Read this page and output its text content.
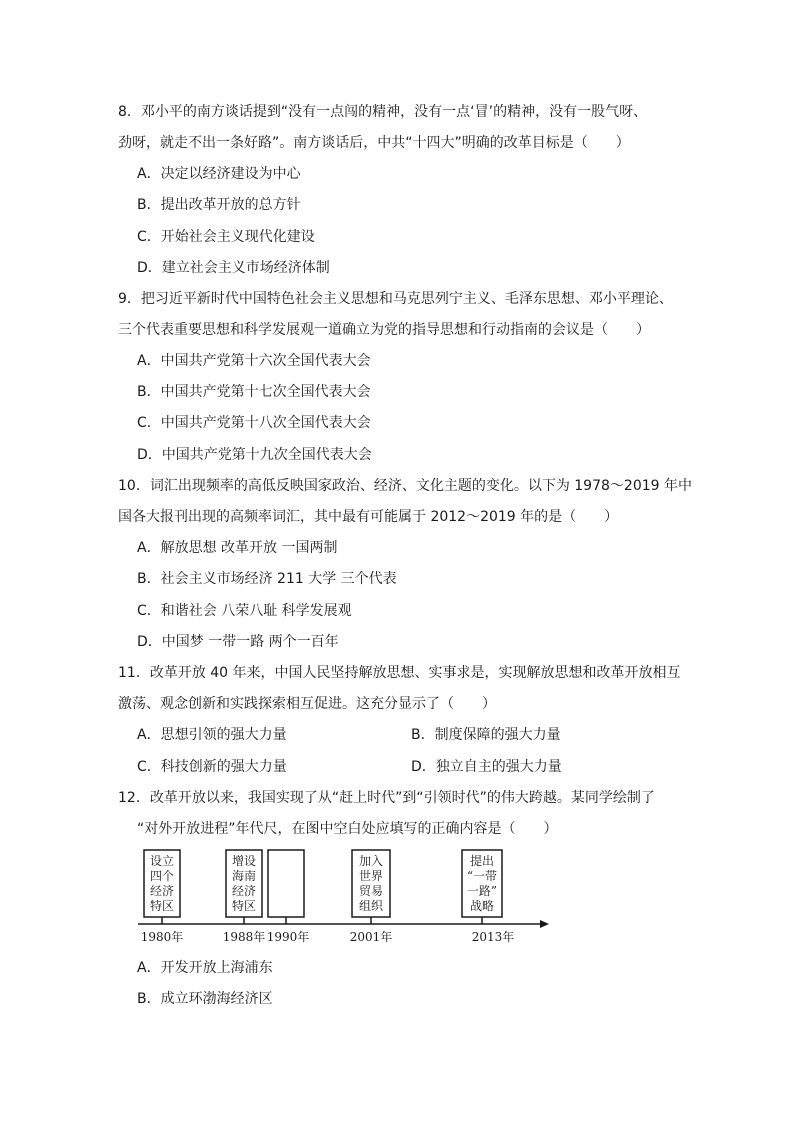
8．邓小平的南方谈话提到“没有一点闯的精神，没有一点‘冒’的精神，没有一股气呀、
劲呀，就走不出一条好路”。南方谈话后，中共“十四大”明确的改革目标是（　　）
A．决定以经济建设为中心
B．提出改革开放的总方针
C．开始社会主义现代化建设
D．建立社会主义市场经济体制
9．把习近平新时代中国特色社会主义思想和马克思列宁主义、毛泽东思想、邓小平理论、
三个代表重要思想和科学发展观一道确立为党的指导思想和行动指南的会议是（　　）
A．中国共产党第十六次全国代表大会
B．中国共产党第十七次全国代表大会
C．中国共产党第十八次全国代表大会
D．中国共产党第十九次全国代表大会
10．词汇出现频率的高低反映国家政治、经济、文化主题的变化。以下为 1978～2019 年中
国各大报刊出现的高频率词汇，其中最有可能属于 2012～2019 年的是（　　）
A．解放思想 改革开放 一国两制
B．社会主义市场经济 211 大学 三个代表
C．和谐社会 八荣八耻 科学发展观
D．中国梦 一带一路 两个一百年
11．改革开放 40 年来，中国人民坚持解放思想、实事求是，实现解放思想和改革开放相互
激荡、观念创新和实践探索相互促进。这充分显示了（　　）
A．思想引领的强大力量	B．制度保障的强大力量
C．科技创新的强大力量	D．独立自主的强大力量
12．改革开放以来，我国实现了从“赶上时代”到“引领时代”的伟大跨越。某同学绘制了
“对外开放进程”年代尺，在图中空白处应填写的正确内容是（　　）
设立
四个
经济
特区
增设
海南
经济
特区
加入
世界
贸易
组织
提出
“一带
一路”
战略
1980年	1988年 1990年	2001年	2013年
A．开发开放上海浦东
B．成立环渤海经济区
